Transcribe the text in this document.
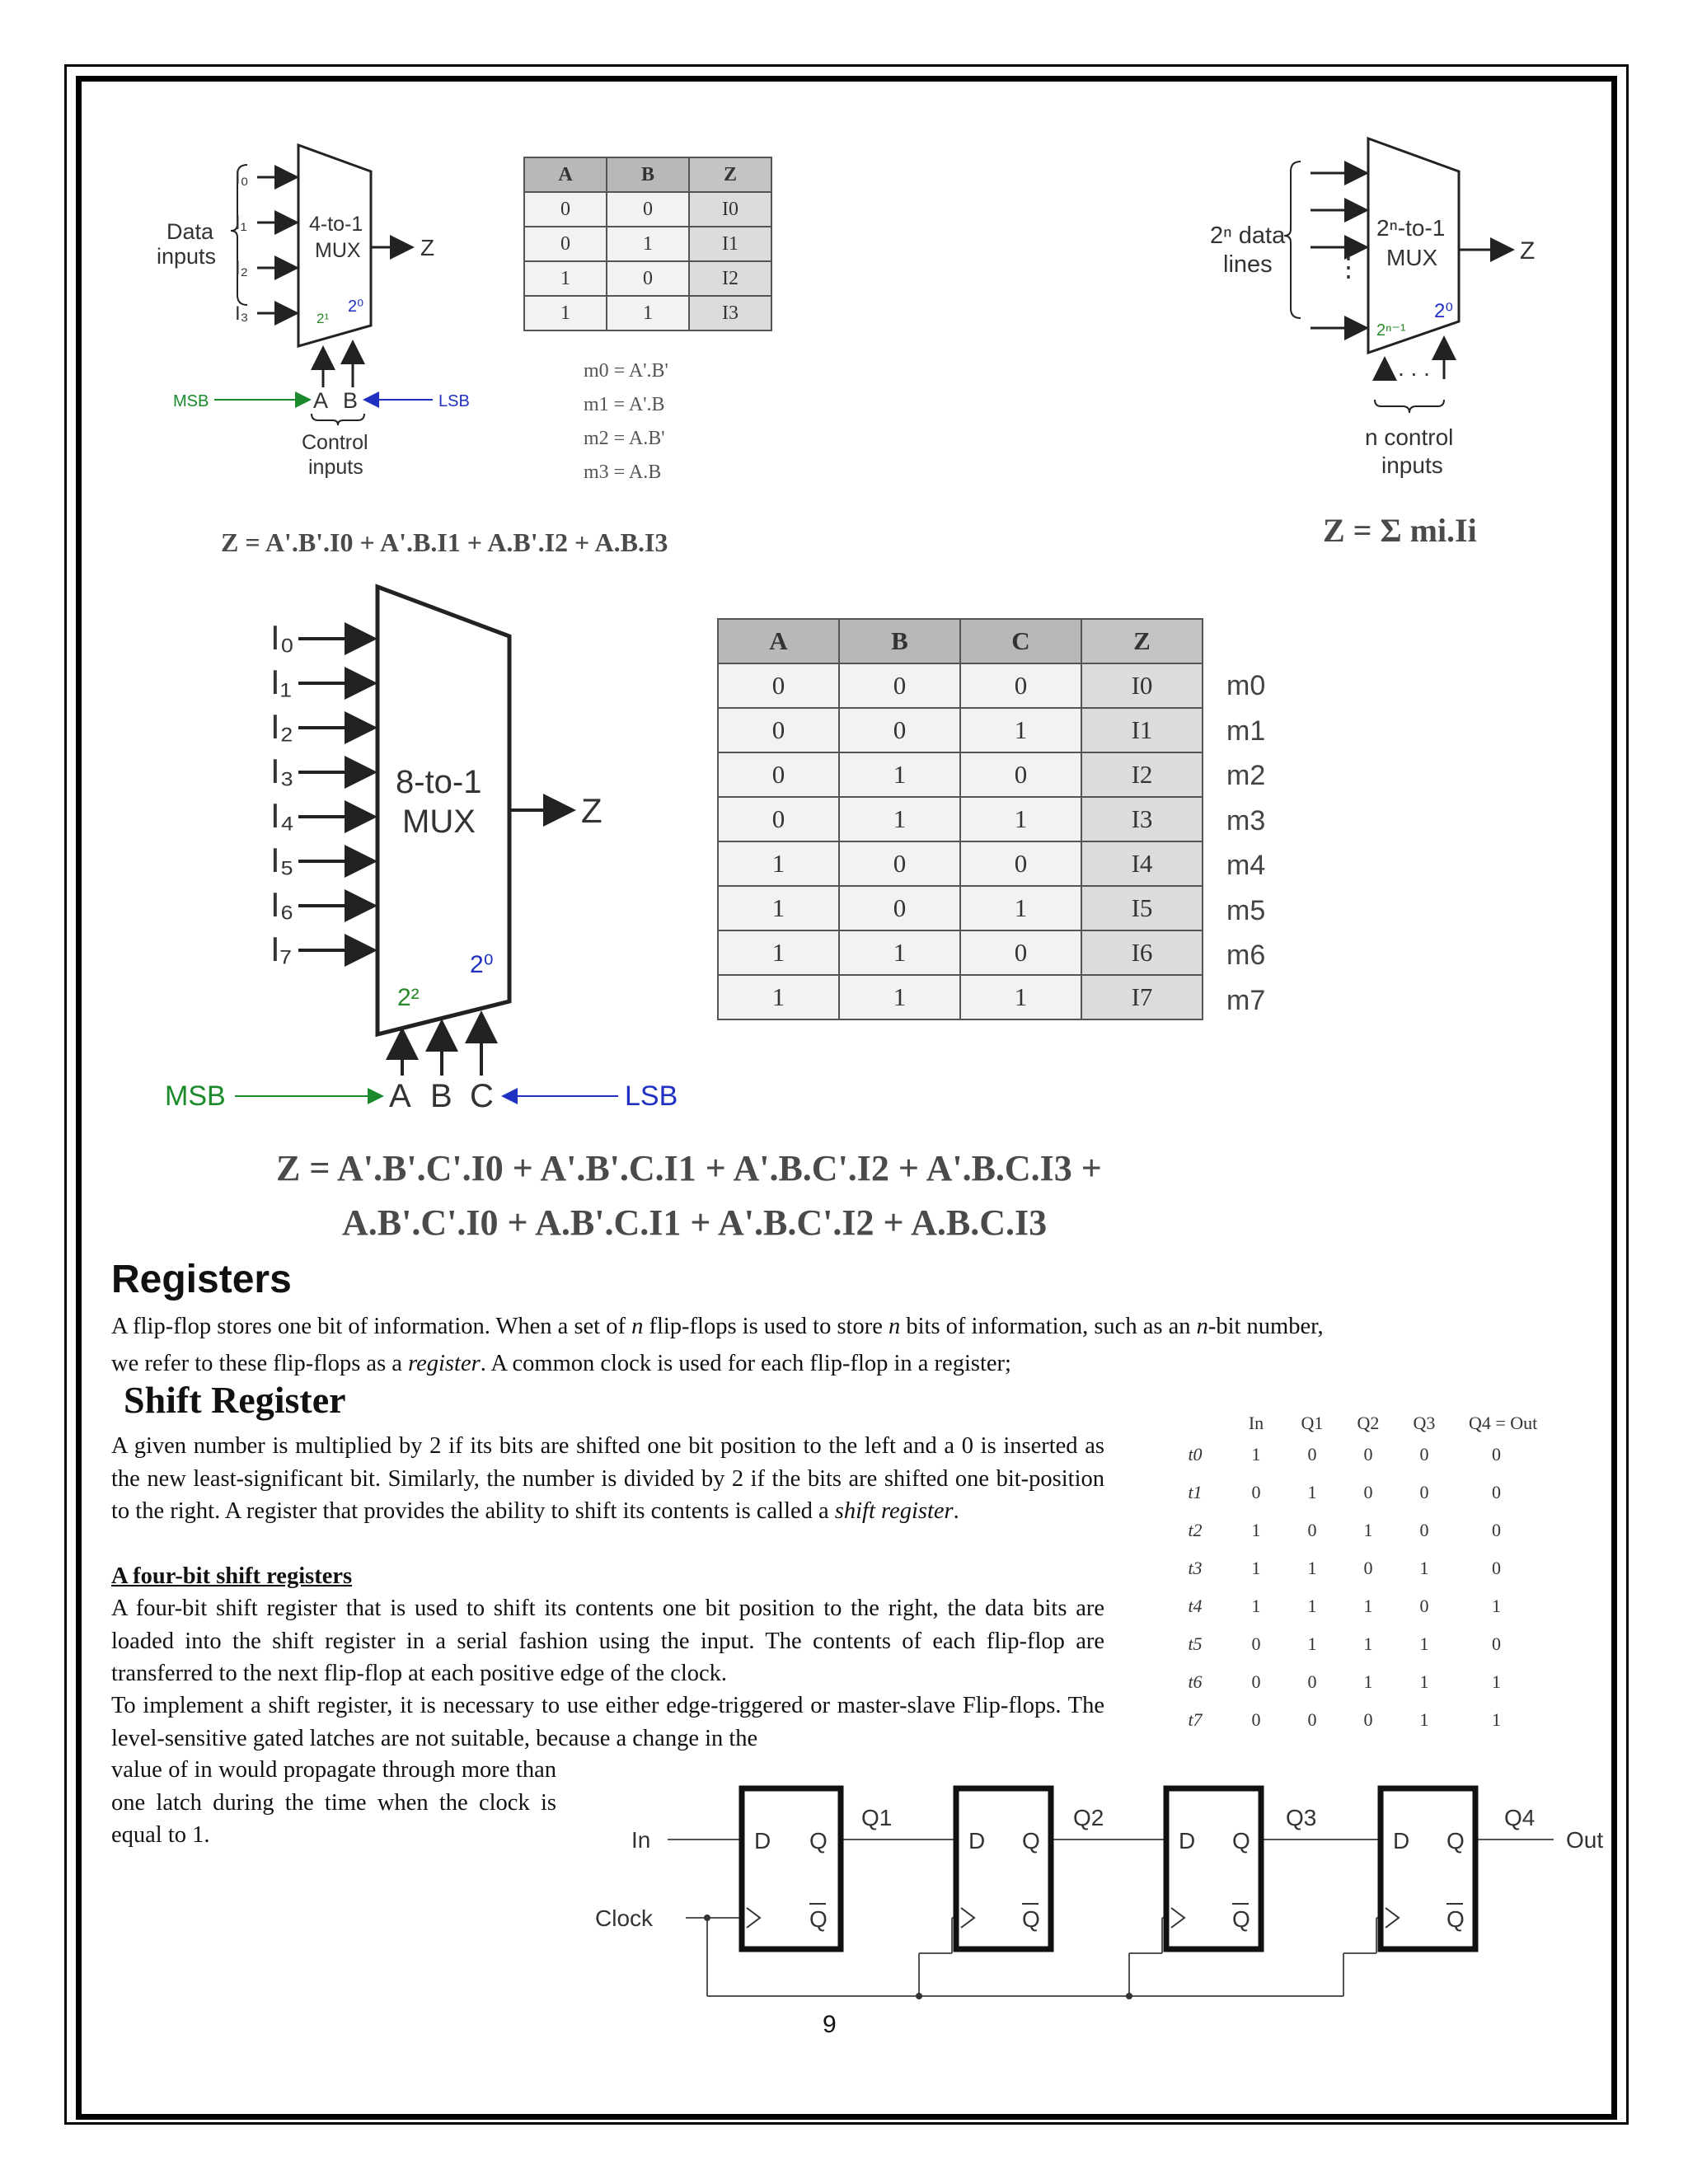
Data
inputs
I₀
I₁
I₂
I₃
4-to-1
MUX	Z
2¹
2⁰
MSB	A B	LSB
Control
inputs
A	B	Z
0	0	I0
0	1	I1
1	0	I2
1	1	I3
m0 = A'.B'
m1 = A'.B
m2 = A.B'
m3 = A.B
Z = A'.B'.I0 + A'.B.I1 + A.B'.I2 + A.B.I3
2ⁿ data
lines ⋮
2ⁿ-to-1
MUX	Z
2ⁿ⁻¹
2⁰
. . .
n control
inputs
Z = Σ mi.Ii
I₀
I₁
I₂
I₃
I₄
I₅
I₆
I₇
8-to-1
MUX	Z
2²
2⁰
MSB	A B C	LSB
A	B	C	Z
0	0	0	I0
0	0	1	I1
0	1	0	I2
0	1	1	I3
1	0	0	I4
1	0	1	I5
1	1	0	I6
1	1	1	I7
m0
m1
m2
m3
m4
m5
m6
m7
Z = A'.B'.C'.I0 + A'.B'.C.I1 + A'.B.C'.I2 + A'.B.C.I3 +
A.B'.C'.I0 + A.B'.C.I1 + A'.B.C'.I2 + A.B.C.I3
Registers
A flip-flop stores one bit of information. When a set of n flip-flops is used to store n bits of information, such as an n-bit number,
we refer to these flip-flops as a register. A common clock is used for each flip-flop in a register;
Shift Register
A given number is multiplied by 2 if its bits are shifted one bit position to the left and a 0 is inserted as the new least-significant bit. Similarly, the number is divided by 2 if the bits are shifted one bit-position to the right. A register that provides the ability to shift its contents is called a shift register.
A four-bit shift registers
A four-bit shift register that is used to shift its contents one bit position to the right, the data bits are loaded into the shift register in a serial fashion using the input. The contents of each flip-flop are transferred to the next flip-flop at each positive edge of the clock.
To implement a shift register, it is necessary to use either edge-triggered or master-slave Flip-flops. The level-sensitive gated latches are not suitable, because a change in the
value of in would propagate through more than one latch during the time when the clock is equal to 1.
	In	Q1	Q2	Q3	Q4 = Out
t0	1	0	0	0	0
t1	0	1	0	0	0
t2	1	0	1	0	0
t3	1	1	0	1	0
t4	1	1	1	0	1
t5	0	1	1	1	0
t6	0	0	1	1	1
t7	0	0	0	1	1
In
Clock
Out
D Q
Q
D Q
Q
D Q
Q
D Q
Q
Q1	Q2	Q3	Q4
9
